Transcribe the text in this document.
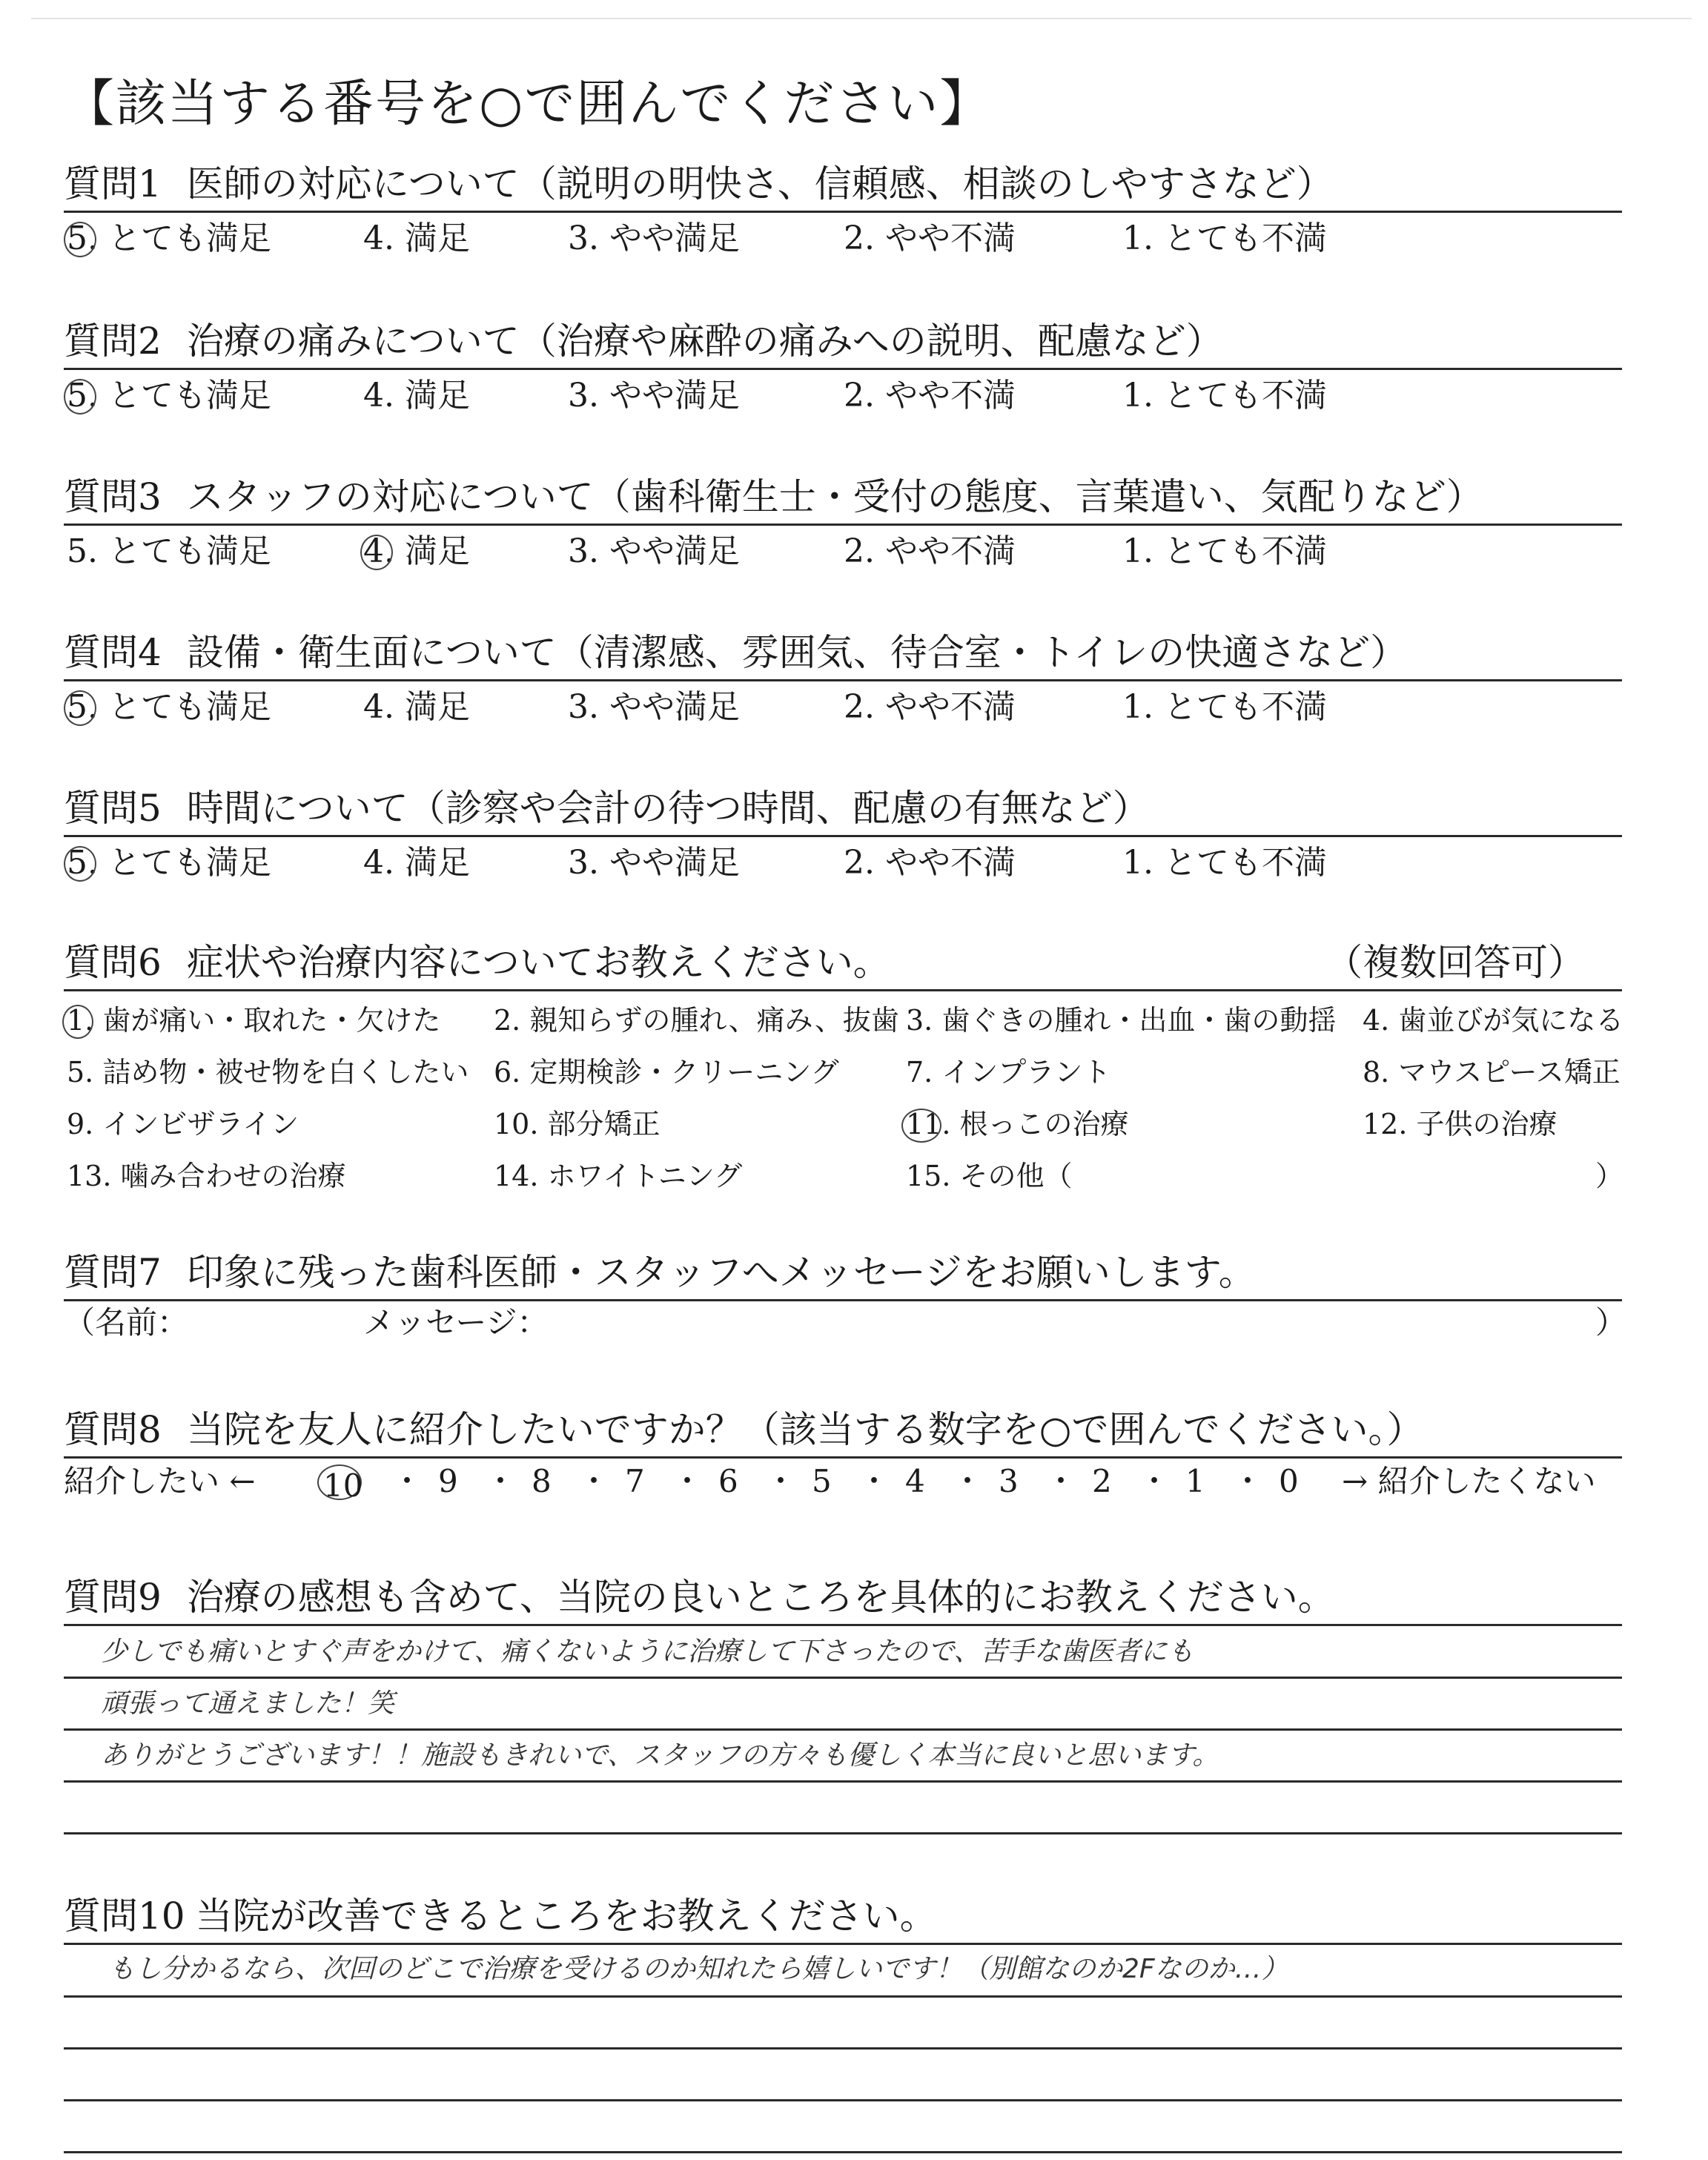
【該当する番号を○で囲んでください】
質問1 医師の対応について（説明の明快さ、信頼感、相談のしやすさなど）
5. とても満足	4. 満足	3. やや満足	2. やや不満	1. とても不満
質問2 治療の痛みについて（治療や麻酔の痛みへの説明、配慮など）
5. とても満足	4. 満足	3. やや満足	2. やや不満	1. とても不満
質問3 スタッフの対応について（歯科衛生士・受付の態度、言葉遣い、気配りなど）
5. とても満足	4. 満足	3. やや満足	2. やや不満	1. とても不満
質問4 設備・衛生面について（清潔感、雰囲気、待合室・トイレの快適さなど）
5. とても満足	4. 満足	3. やや満足	2. やや不満	1. とても不満
質問5 時間について（診察や会計の待つ時間、配慮の有無など）
5. とても満足	4. 満足	3. やや満足	2. やや不満	1. とても不満
質問6 症状や治療内容についてお教えください。	（複数回答可）
1. 歯が痛い・取れた・欠けた 2. 親知らずの腫れ、痛み、抜歯 3. 歯ぐきの腫れ・出血・歯の動揺 4. 歯並びが気になる
5. 詰め物・被せ物を白くしたい 6. 定期検診・クリーニング 7. インプラント	8. マウスピース矯正
9. インビザライン	10. 部分矯正	11. 根っこの治療	12. 子供の治療
13. 噛み合わせの治療	14. ホワイトニング	15. その他（	）
質問7 印象に残った歯科医師・スタッフへメッセージをお願いします。
（名前：	メッセージ：	）
質問8 当院を友人に紹介したいですか？（該当する数字を○で囲んでください。）
紹介したい ← 10 ・ 9 ・ 8 ・ 7 ・ 6 ・ 5 ・ 4 ・ 3 ・ 2 ・ 1 ・ 0 → 紹介したくない
質問9 治療の感想も含めて、当院の良いところを具体的にお教えください。
少しでも痛いとすぐ声をかけて、痛くないように治療して下さったので、苦手な歯医者にも
頑張って通えました！笑
ありがとうございます！！施設もきれいで、スタッフの方々も優しく本当に良いと思います。
質問10 当院が改善できるところをお教えください。
もし分かるなら、次回のどこで治療を受けるのか知れたら嬉しいです！（別館なのか2Fなのか…）
